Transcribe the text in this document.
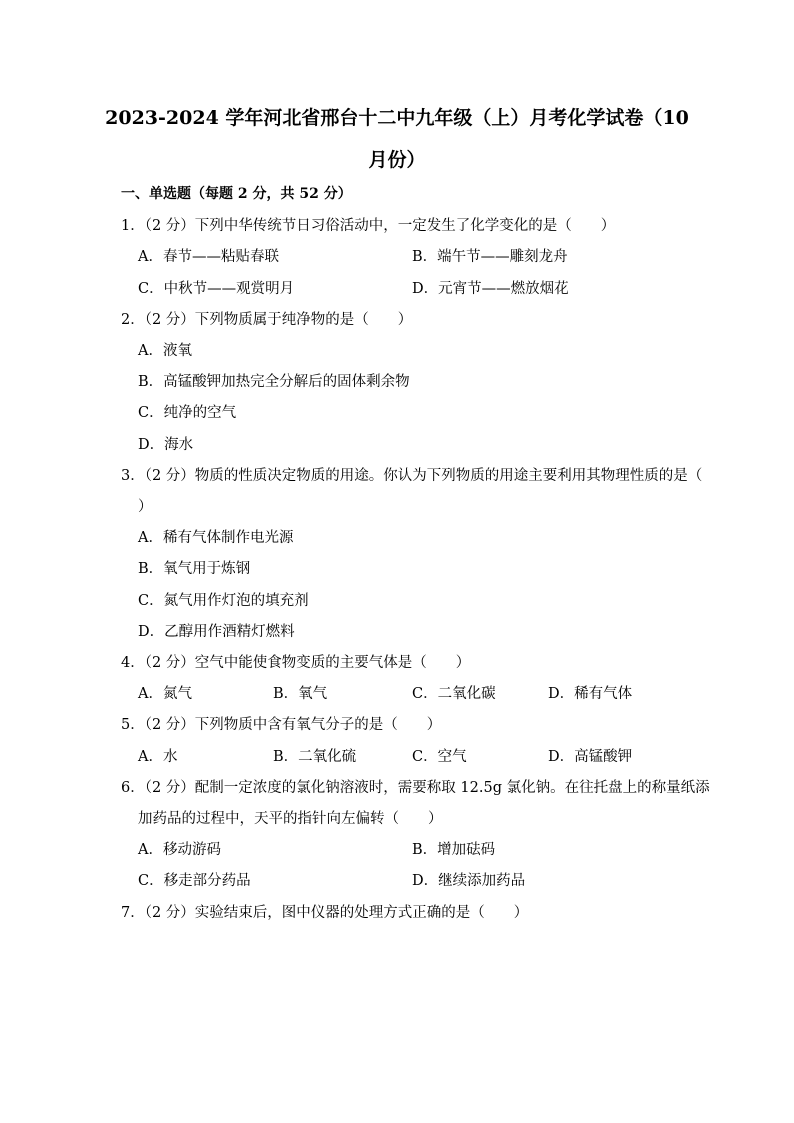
2023-2024 学年河北省邢台十二中九年级（上）月考化学试卷（10
月份）
一、单选题（每题 2 分，共 52 分）
1．（2 分）下列中华传统节日习俗活动中，一定发生了化学变化的是（　　）
A．春节——粘贴春联	B．端午节——雕刻龙舟
C．中秋节——观赏明月	D．元宵节——燃放烟花
2．（2 分）下列物质属于纯净物的是（　　）
A．液氧
B．高锰酸钾加热完全分解后的固体剩余物
C．纯净的空气
D．海水
3．（2 分）物质的性质决定物质的用途。你认为下列物质的用途主要利用其物理性质的是（
）
A．稀有气体制作电光源
B．氧气用于炼钢
C．氮气用作灯泡的填充剂
D．乙醇用作酒精灯燃料
4．（2 分）空气中能使食物变质的主要气体是（　　）
A．氮气	B．氧气	C．二氧化碳	D．稀有气体
5．（2 分）下列物质中含有氧气分子的是（　　）
A．水	B．二氧化硫	C．空气	D．高锰酸钾
6．（2 分）配制一定浓度的氯化钠溶液时，需要称取 12.5g 氯化钠。在往托盘上的称量纸添
加药品的过程中，天平的指针向左偏转（　　）
A．移动游码	B．增加砝码
C．移走部分药品	D．继续添加药品
7．（2 分）实验结束后，图中仪器的处理方式正确的是（　　）
